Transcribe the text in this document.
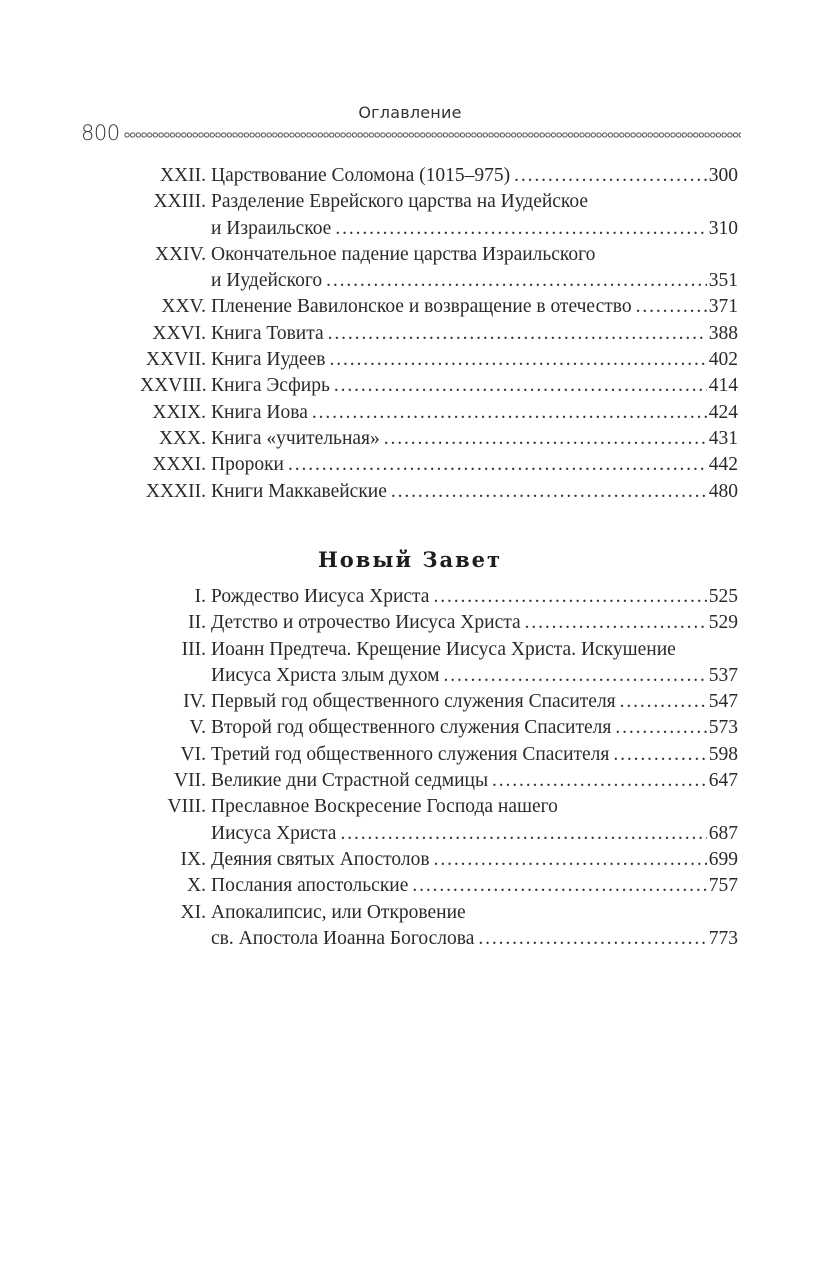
Оглавление
800
XXII. Царствование Соломона (1015–975) . . .	300
XXIII. Разделение Еврейского царства на Иудейское
и Израильское . . .	310
XXIV. Окончательное падение царства Израильского
и Иудейского . . .	351
XXV. Пленение Вавилонское и возвращение в отечество . . .	371
XXVI. Книга Товита . . .	388
XXVII. Книга Иудеев . . .	402
XXVIII. Книга Эсфирь . . .	414
XXIX. Книга Иова . . .	424
XXX. Книга «учительная» . . .	431
XXXI. Пророки . . .	442
XXXII. Книги Маккавейские . . .	480
Новый Завет
I. Рождество Иисуса Христа . . .	525
II. Детство и отрочество Иисуса Христа . . .	529
III. Иоанн Предтеча. Крещение Иисуса Христа. Искушение
Иисуса Христа злым духом . . .	537
IV. Первый год общественного служения Спасителя . . .	547
V. Второй год общественного служения Спасителя . . .	573
VI. Третий год общественного служения Спасителя . . .	598
VII. Великие дни Страстной седмицы . . .	647
VIII. Преславное Воскресение Господа нашего
Иисуса Христа . . .	687
IX. Деяния святых Апостолов . . .	699
X. Послания апостольские . . .	757
XI. Апокалипсис, или Откровение
св. Апостола Иоанна Богослова . . .	773
